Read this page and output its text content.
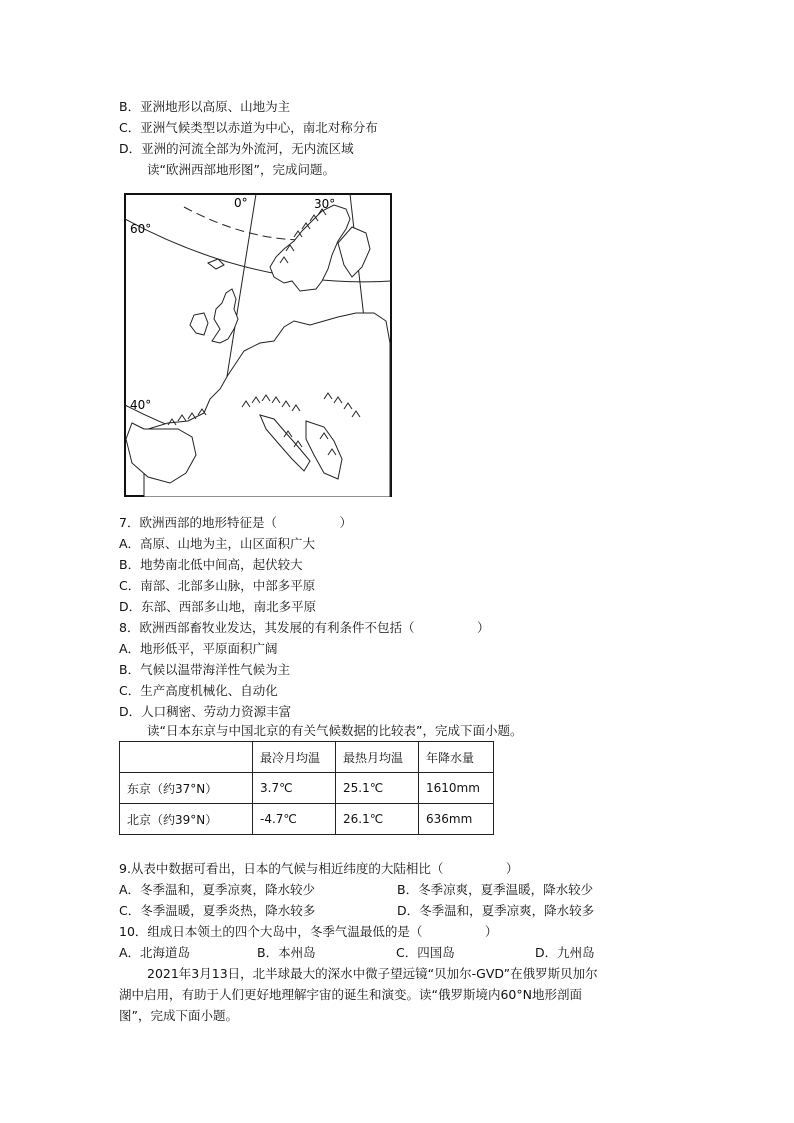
B．亚洲地形以高原、山地为主
C．亚洲气候类型以赤道为中心，南北对称分布
D．亚洲的河流全部为外流河，无内流区域
读“欧洲西部地形图”，完成问题。
0°	30°
60°
40°
7．欧洲西部的地形特征是（　　　　　）
A．高原、山地为主，山区面积广大
B．地势南北低中间高，起伏较大
C．南部、北部多山脉，中部多平原
D．东部、西部多山地，南北多平原
8．欧洲西部畜牧业发达，其发展的有利条件不包括（　　　　　）
A．地形低平，平原面积广阔
B．气候以温带海洋性气候为主
C．生产高度机械化、自动化
D．人口稠密、劳动力资源丰富
读“日本东京与中国北京的有关气候数据的比较表”，完成下面小题。
	最冷月均温	最热月均温	年降水量
东京（约37°N）	3.7℃	25.1℃	1610mm
北京（约39°N）	-4.7℃	26.1℃	636mm
9.从表中数据可看出，日本的气候与相近纬度的大陆相比（　　　　　）
A．冬季温和，夏季凉爽，降水较少	B．冬季凉爽，夏季温暖，降水较少
C．冬季温暖，夏季炎热，降水较多	D．冬季温和，夏季凉爽，降水较多
10．组成日本领土的四个大岛中，冬季气温最低的是（　　　　　）
A．北海道岛	B．本州岛	C．四国岛	D．九州岛
2021年3月13日，北半球最大的深水中微子望远镜“贝加尔-GVD”在俄罗斯贝加尔
湖中启用，有助于人们更好地理解宇宙的诞生和演变。读“俄罗斯境内60°N地形剖面
图”，完成下面小题。
